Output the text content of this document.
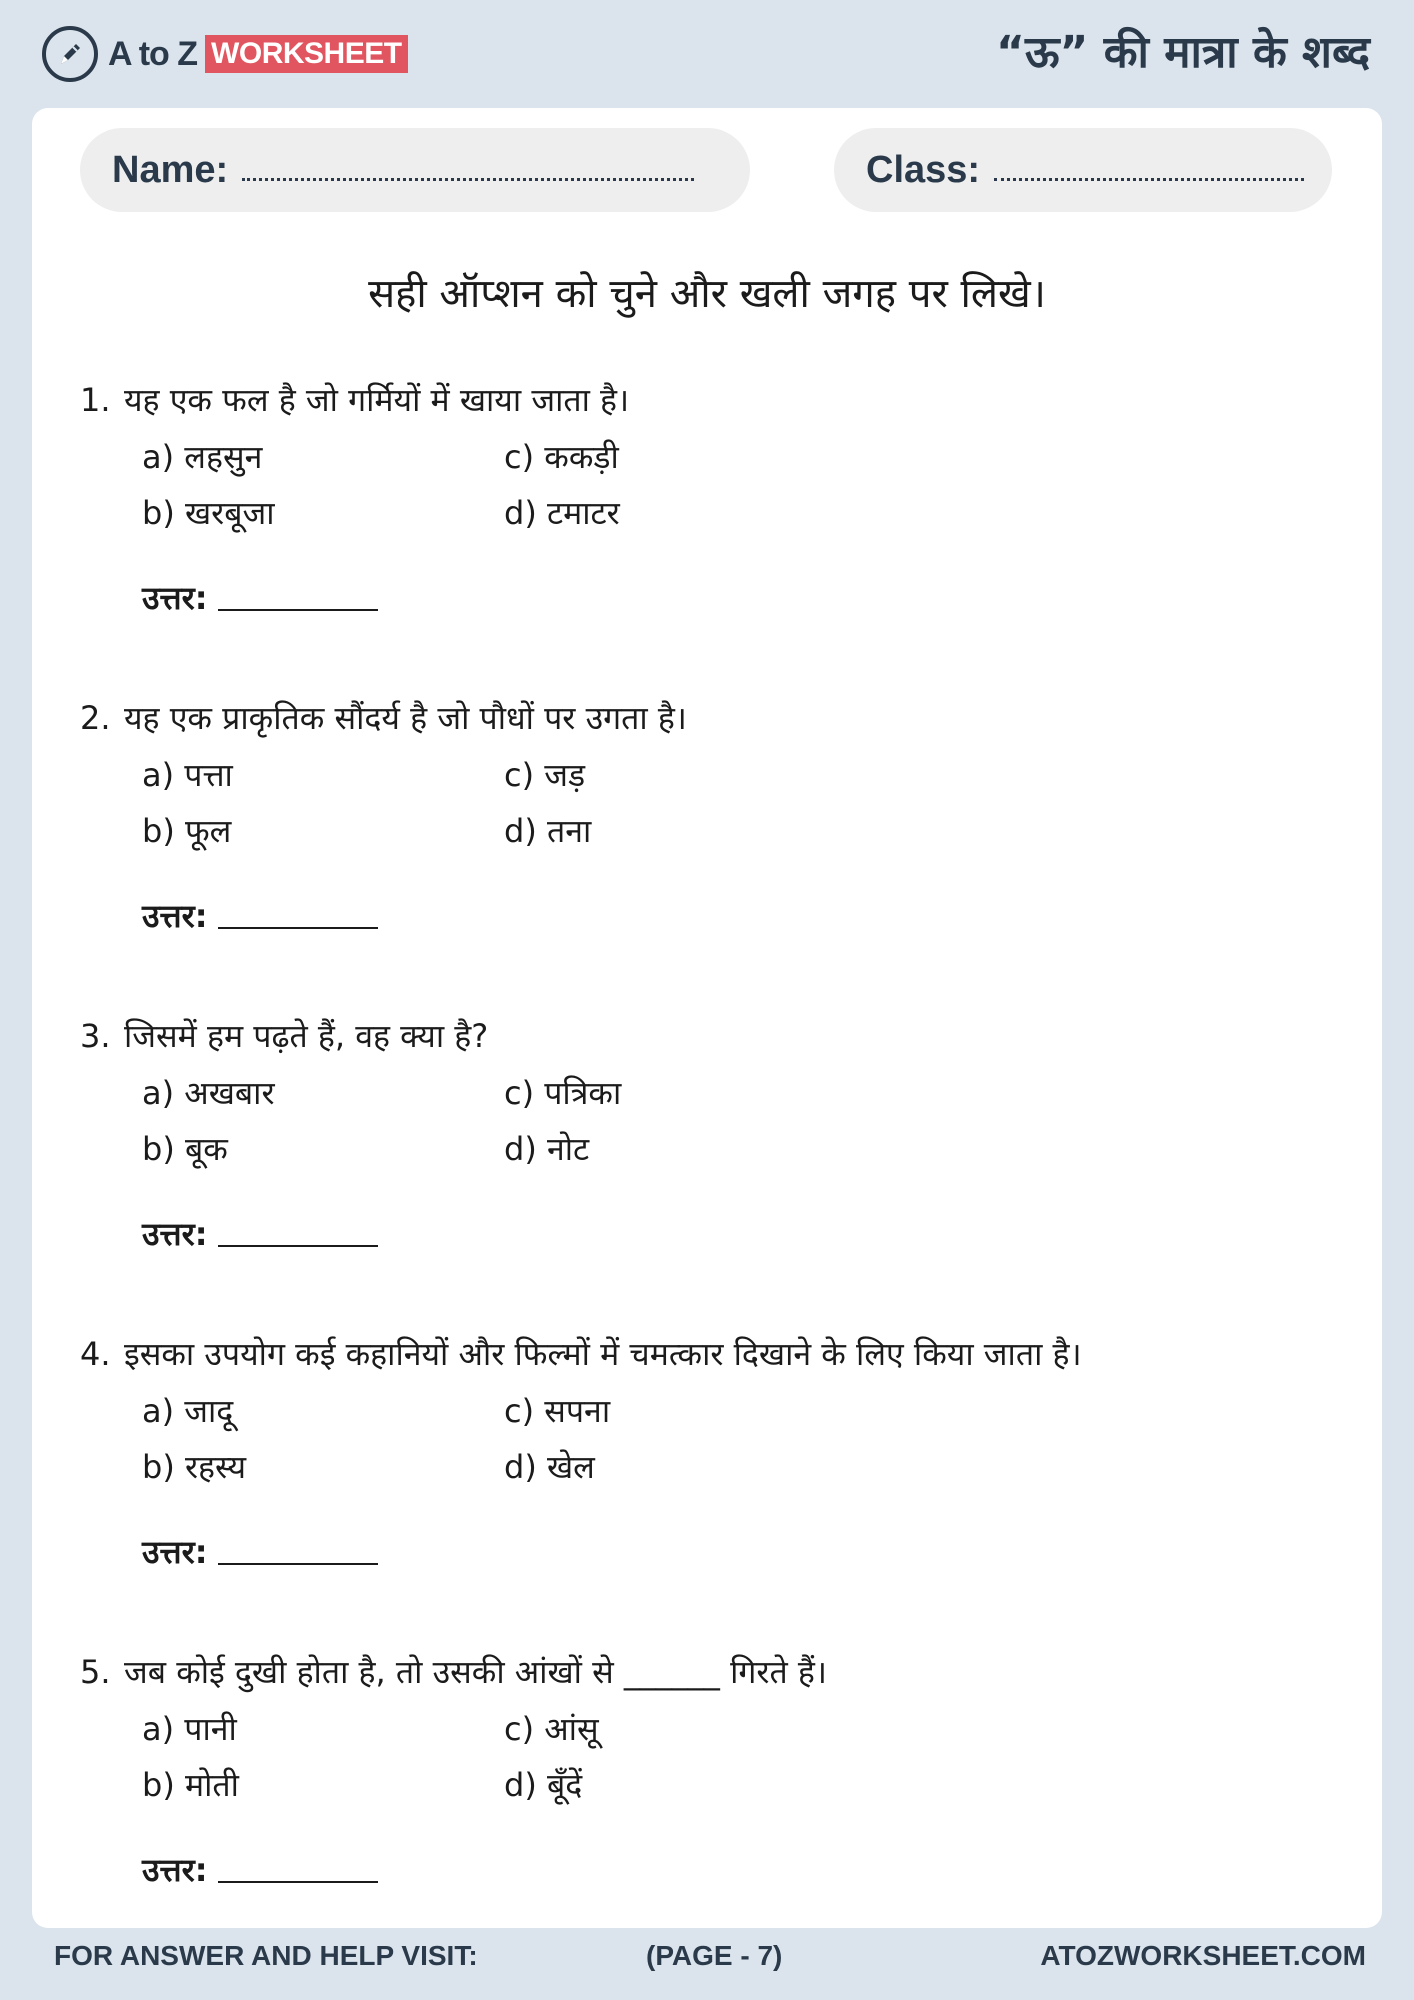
A to Z WORKSHEET	“ऊ” की मात्रा के शब्द
Name:	Class:
सही ऑप्शन को चुने और खली जगह पर लिखे।
1. यह एक फल है जो गर्मियों में खाया जाता है।
a) लहसुन
b) खरबूजा
c) ककड़ी
d) टमाटर
उत्तर:
2. यह एक प्राकृतिक सौंदर्य है जो पौधों पर उगता है।
a) पत्ता
b) फूल
c) जड़
d) तना
उत्तर:
3. जिसमें हम पढ़ते हैं, वह क्या है?
a) अखबार
b) बूक
c) पत्रिका
d) नोट
उत्तर:
4. इसका उपयोग कई कहानियों और फिल्मों में चमत्कार दिखाने के लिए किया जाता है।
a) जादू
b) रहस्य
c) सपना
d) खेल
उत्तर:
5. जब कोई दुखी होता है, तो उसकी आंखों से ______ गिरते हैं।
a) पानी
b) मोती
c) आंसू
d) बूँदें
उत्तर:
FOR ANSWER AND HELP VISIT:	(PAGE - 7)	ATOZWORKSHEET.COM
